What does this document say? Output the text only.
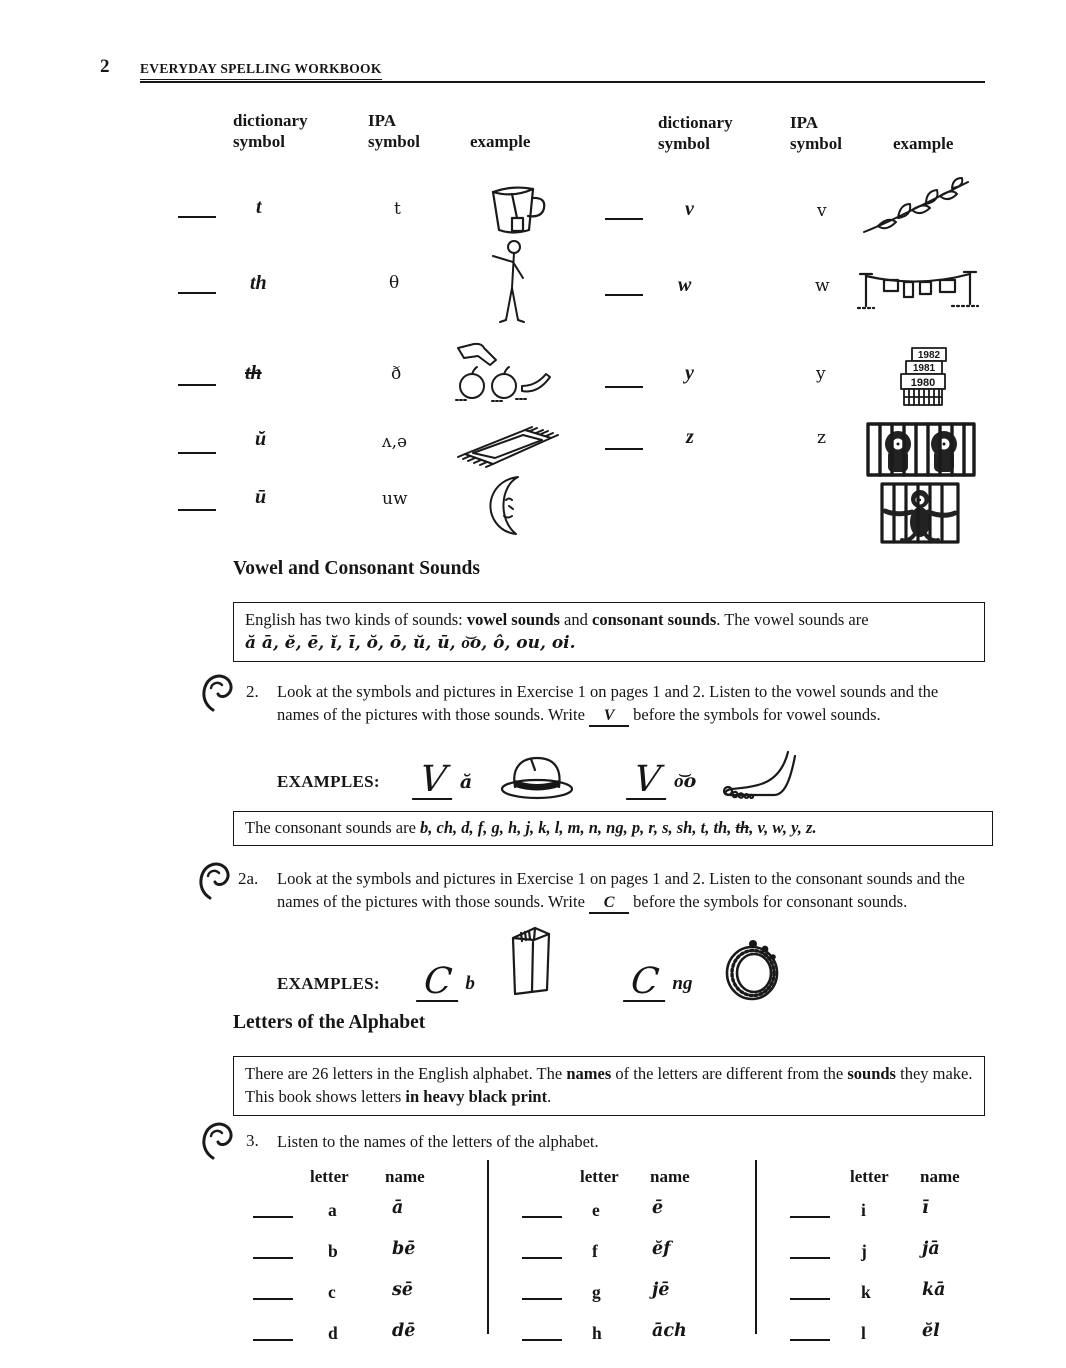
2 EVERYDAY SPELLING WORKBOOK
dictionary
symbol
IPA
symbol	example
dictionary
symbol
IPA
symbol	example
t	t
th	θ
th	ð
ŭ	ʌ,ə
ū	uw
v	v
w	w
y	y
1982
1981
1980
z	z
Vowel and Consonant Sounds
English has two kinds of sounds: vowel sounds and consonant sounds. The vowel sounds are
ă ā, ĕ, ē, ĭ, ī, ŏ, ō, ŭ, ū, o͝o, ô, ou, oi.
2. Look at the symbols and pictures in Exercise 1 on pages 1 and 2. Listen to the vowel sounds and the names of the pictures with those sounds. Write V before the symbols for vowel sounds.
EXAMPLES: V ă	V o͝o
The consonant sounds are b, ch, d, f, g, h, j, k, l, m, n, ng, p, r, s, sh, t, th, th, v, w, y, z.
2a. Look at the symbols and pictures in Exercise 1 on pages 1 and 2. Listen to the consonant sounds and the names of the pictures with those sounds. Write C before the symbols for consonant sounds.
EXAMPLES: C b	C ng
Letters of the Alphabet
There are 26 letters in the English alphabet. The names of the letters are different from the sounds they make. This book shows letters in heavy black print.
3. Listen to the names of the letters of the alphabet.
letter name	letter name	letter name
a	ā
b	bē
c	sē
d	dē
e	ē
f	ĕf
g	jē
h	āch
i	ī
j	jā
k	kā
l	ĕl
